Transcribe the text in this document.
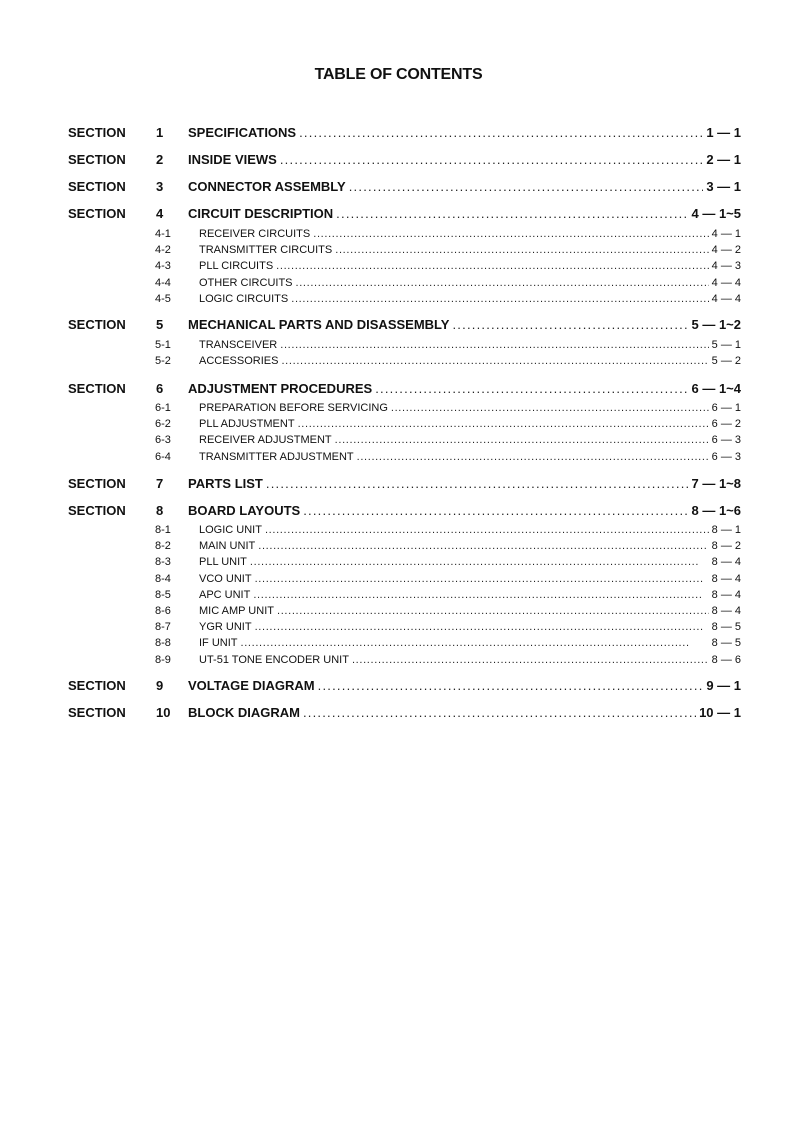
TABLE OF CONTENTS
SECTION 1 SPECIFICATIONS . . .	1 — 1
SECTION 2 INSIDE VIEWS . . .	2 — 1
SECTION 3 CONNECTOR ASSEMBLY . . .	3 — 1
SECTION 4 CIRCUIT DESCRIPTION . . .	4 — 1~5
4-1	RECEIVER CIRCUITS . . .	4 — 1
4-2	TRANSMITTER CIRCUITS . . .	4 — 2
4-3	PLL CIRCUITS . . .	4 — 3
4-4	OTHER CIRCUITS . . .	4 — 4
4-5	LOGIC CIRCUITS . . .	4 — 4
SECTION 5 MECHANICAL PARTS AND DISASSEMBLY . . .	5 — 1~2
5-1	TRANSCEIVER . . .	5 — 1
5-2	ACCESSORIES . . .	5 — 2
SECTION 6 ADJUSTMENT PROCEDURES . . .	6 — 1~4
6-1	PREPARATION BEFORE SERVICING . . .	6 — 1
6-2	PLL ADJUSTMENT . . .	6 — 2
6-3	RECEIVER ADJUSTMENT . . .	6 — 3
6-4	TRANSMITTER ADJUSTMENT . . .	6 — 3
SECTION 7 PARTS LIST . . .	7 — 1~8
SECTION 8 BOARD LAYOUTS . . .	8 — 1~6
8-1	LOGIC UNIT . . .	8 — 1
8-2	MAIN UNIT . . .	8 — 2
8-3	PLL UNIT . . .	8 — 4
8-4	VCO UNIT . . .	8 — 4
8-5	APC UNIT . . .	8 — 4
8-6	MIC AMP UNIT . . .	8 — 4
8-7	YGR UNIT . . .	8 — 5
8-8	IF UNIT . . .	8 — 5
8-9	UT-51 TONE ENCODER UNIT . . .	8 — 6
SECTION 9 VOLTAGE DIAGRAM . . .	9 — 1
SECTION 10 BLOCK DIAGRAM . . .	10 — 1
